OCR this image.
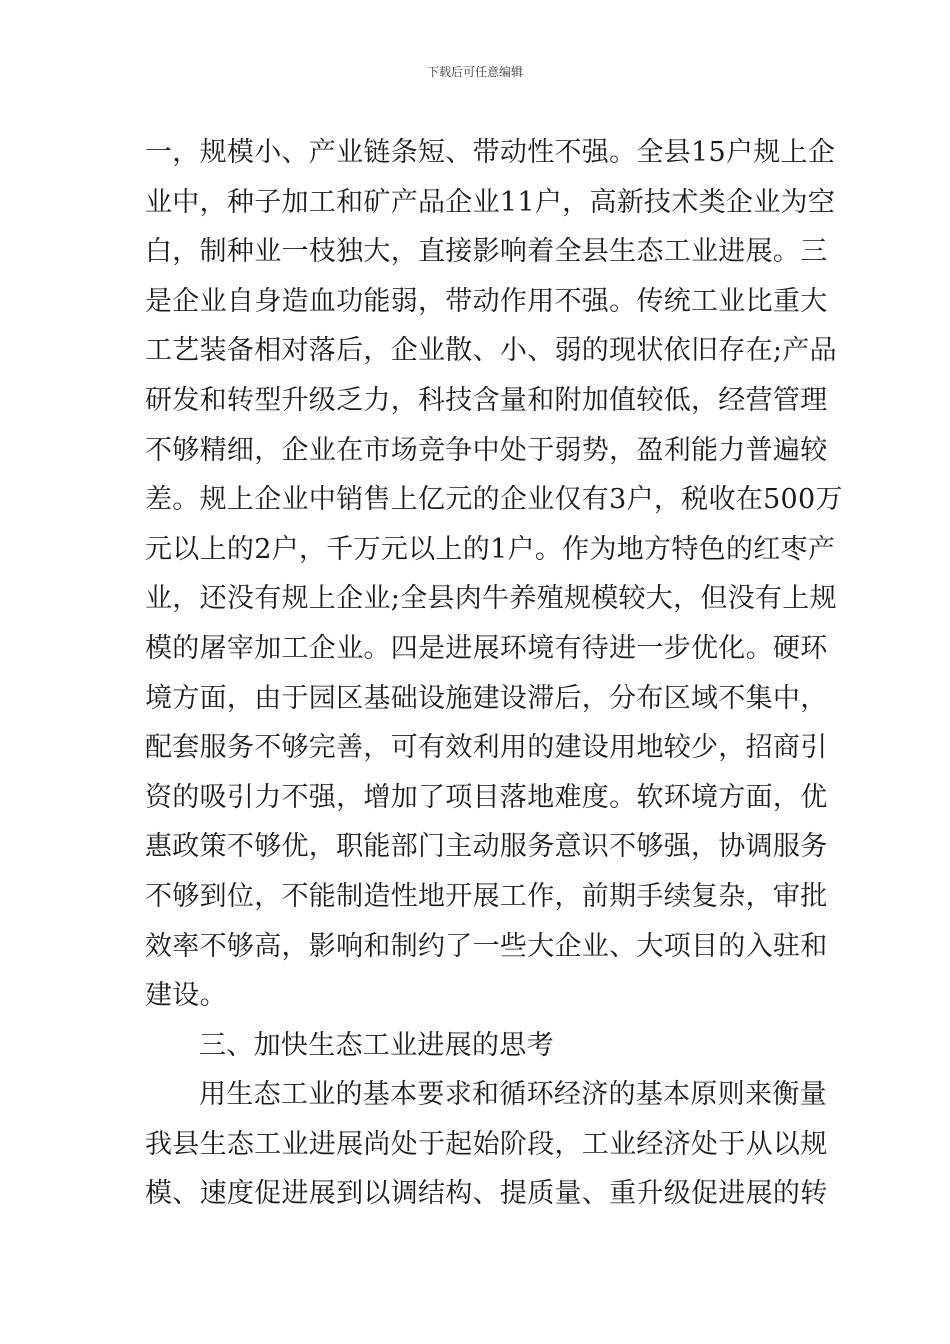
下载后可任意编辑
一，规模小、产业链条短、带动性不强。全县15户规上企
业中，种子加工和矿产品企业11户，高新技术类企业为空
白，制种业一枝独大，直接影响着全县生态工业进展。三
是企业自身造血功能弱，带动作用不强。传统工业比重大
工艺装备相对落后，企业散、小、弱的现状依旧存在;产品
研发和转型升级乏力，科技含量和附加值较低，经营管理
不够精细，企业在市场竞争中处于弱势，盈利能力普遍较
差。规上企业中销售上亿元的企业仅有3户，税收在500万
元以上的2户，千万元以上的1户。作为地方特色的红枣产
业，还没有规上企业;全县肉牛养殖规模较大，但没有上规
模的屠宰加工企业。四是进展环境有待进一步优化。硬环
境方面，由于园区基础设施建设滞后，分布区域不集中，
配套服务不够完善，可有效利用的建设用地较少，招商引
资的吸引力不强，增加了项目落地难度。软环境方面，优
惠政策不够优，职能部门主动服务意识不够强，协调服务
不够到位，不能制造性地开展工作，前期手续复杂，审批
效率不够高，影响和制约了一些大企业、大项目的入驻和
建设。
三、加快生态工业进展的思考
用生态工业的基本要求和循环经济的基本原则来衡量
我县生态工业进展尚处于起始阶段，工业经济处于从以规
模、速度促进展到以调结构、提质量、重升级促进展的转
